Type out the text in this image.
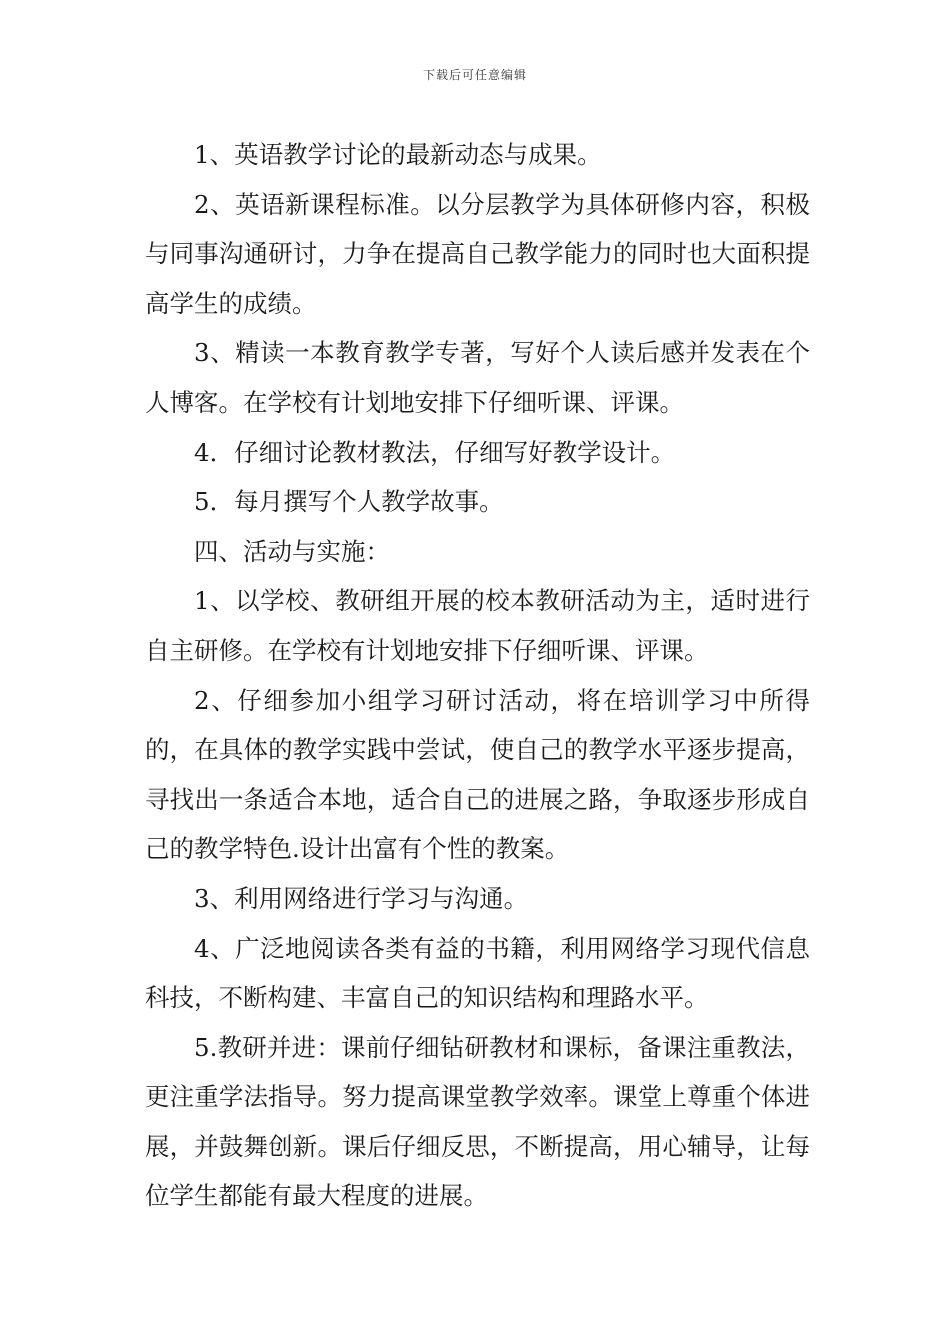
下载后可任意编辑

1、英语教学讨论的最新动态与成果。

2、英语新课程标准。以分层教学为具体研修内容，积极与同事沟通研讨，力争在提高自己教学能力的同时也大面积提高学生的成绩。

3、精读一本教育教学专著，写好个人读后感并发表在个人博客。在学校有计划地安排下仔细听课、评课。

4．仔细讨论教材教法，仔细写好教学设计。

5．每月撰写个人教学故事。

四、活动与实施：

1、以学校、教研组开展的校本教研活动为主，适时进行自主研修。在学校有计划地安排下仔细听课、评课。

2、仔细参加小组学习研讨活动，将在培训学习中所得的，在具体的教学实践中尝试，使自己的教学水平逐步提高，寻找出一条适合本地，适合自己的进展之路，争取逐步形成自己的教学特色.设计出富有个性的教案。

3、利用网络进行学习与沟通。

4、广泛地阅读各类有益的书籍，利用网络学习现代信息科技，不断构建、丰富自己的知识结构和理路水平。

5.教研并进：课前仔细钻研教材和课标，备课注重教法，更注重学法指导。努力提高课堂教学效率。课堂上尊重个体进展，并鼓舞创新。课后仔细反思，不断提高，用心辅导，让每位学生都能有最大程度的进展。
